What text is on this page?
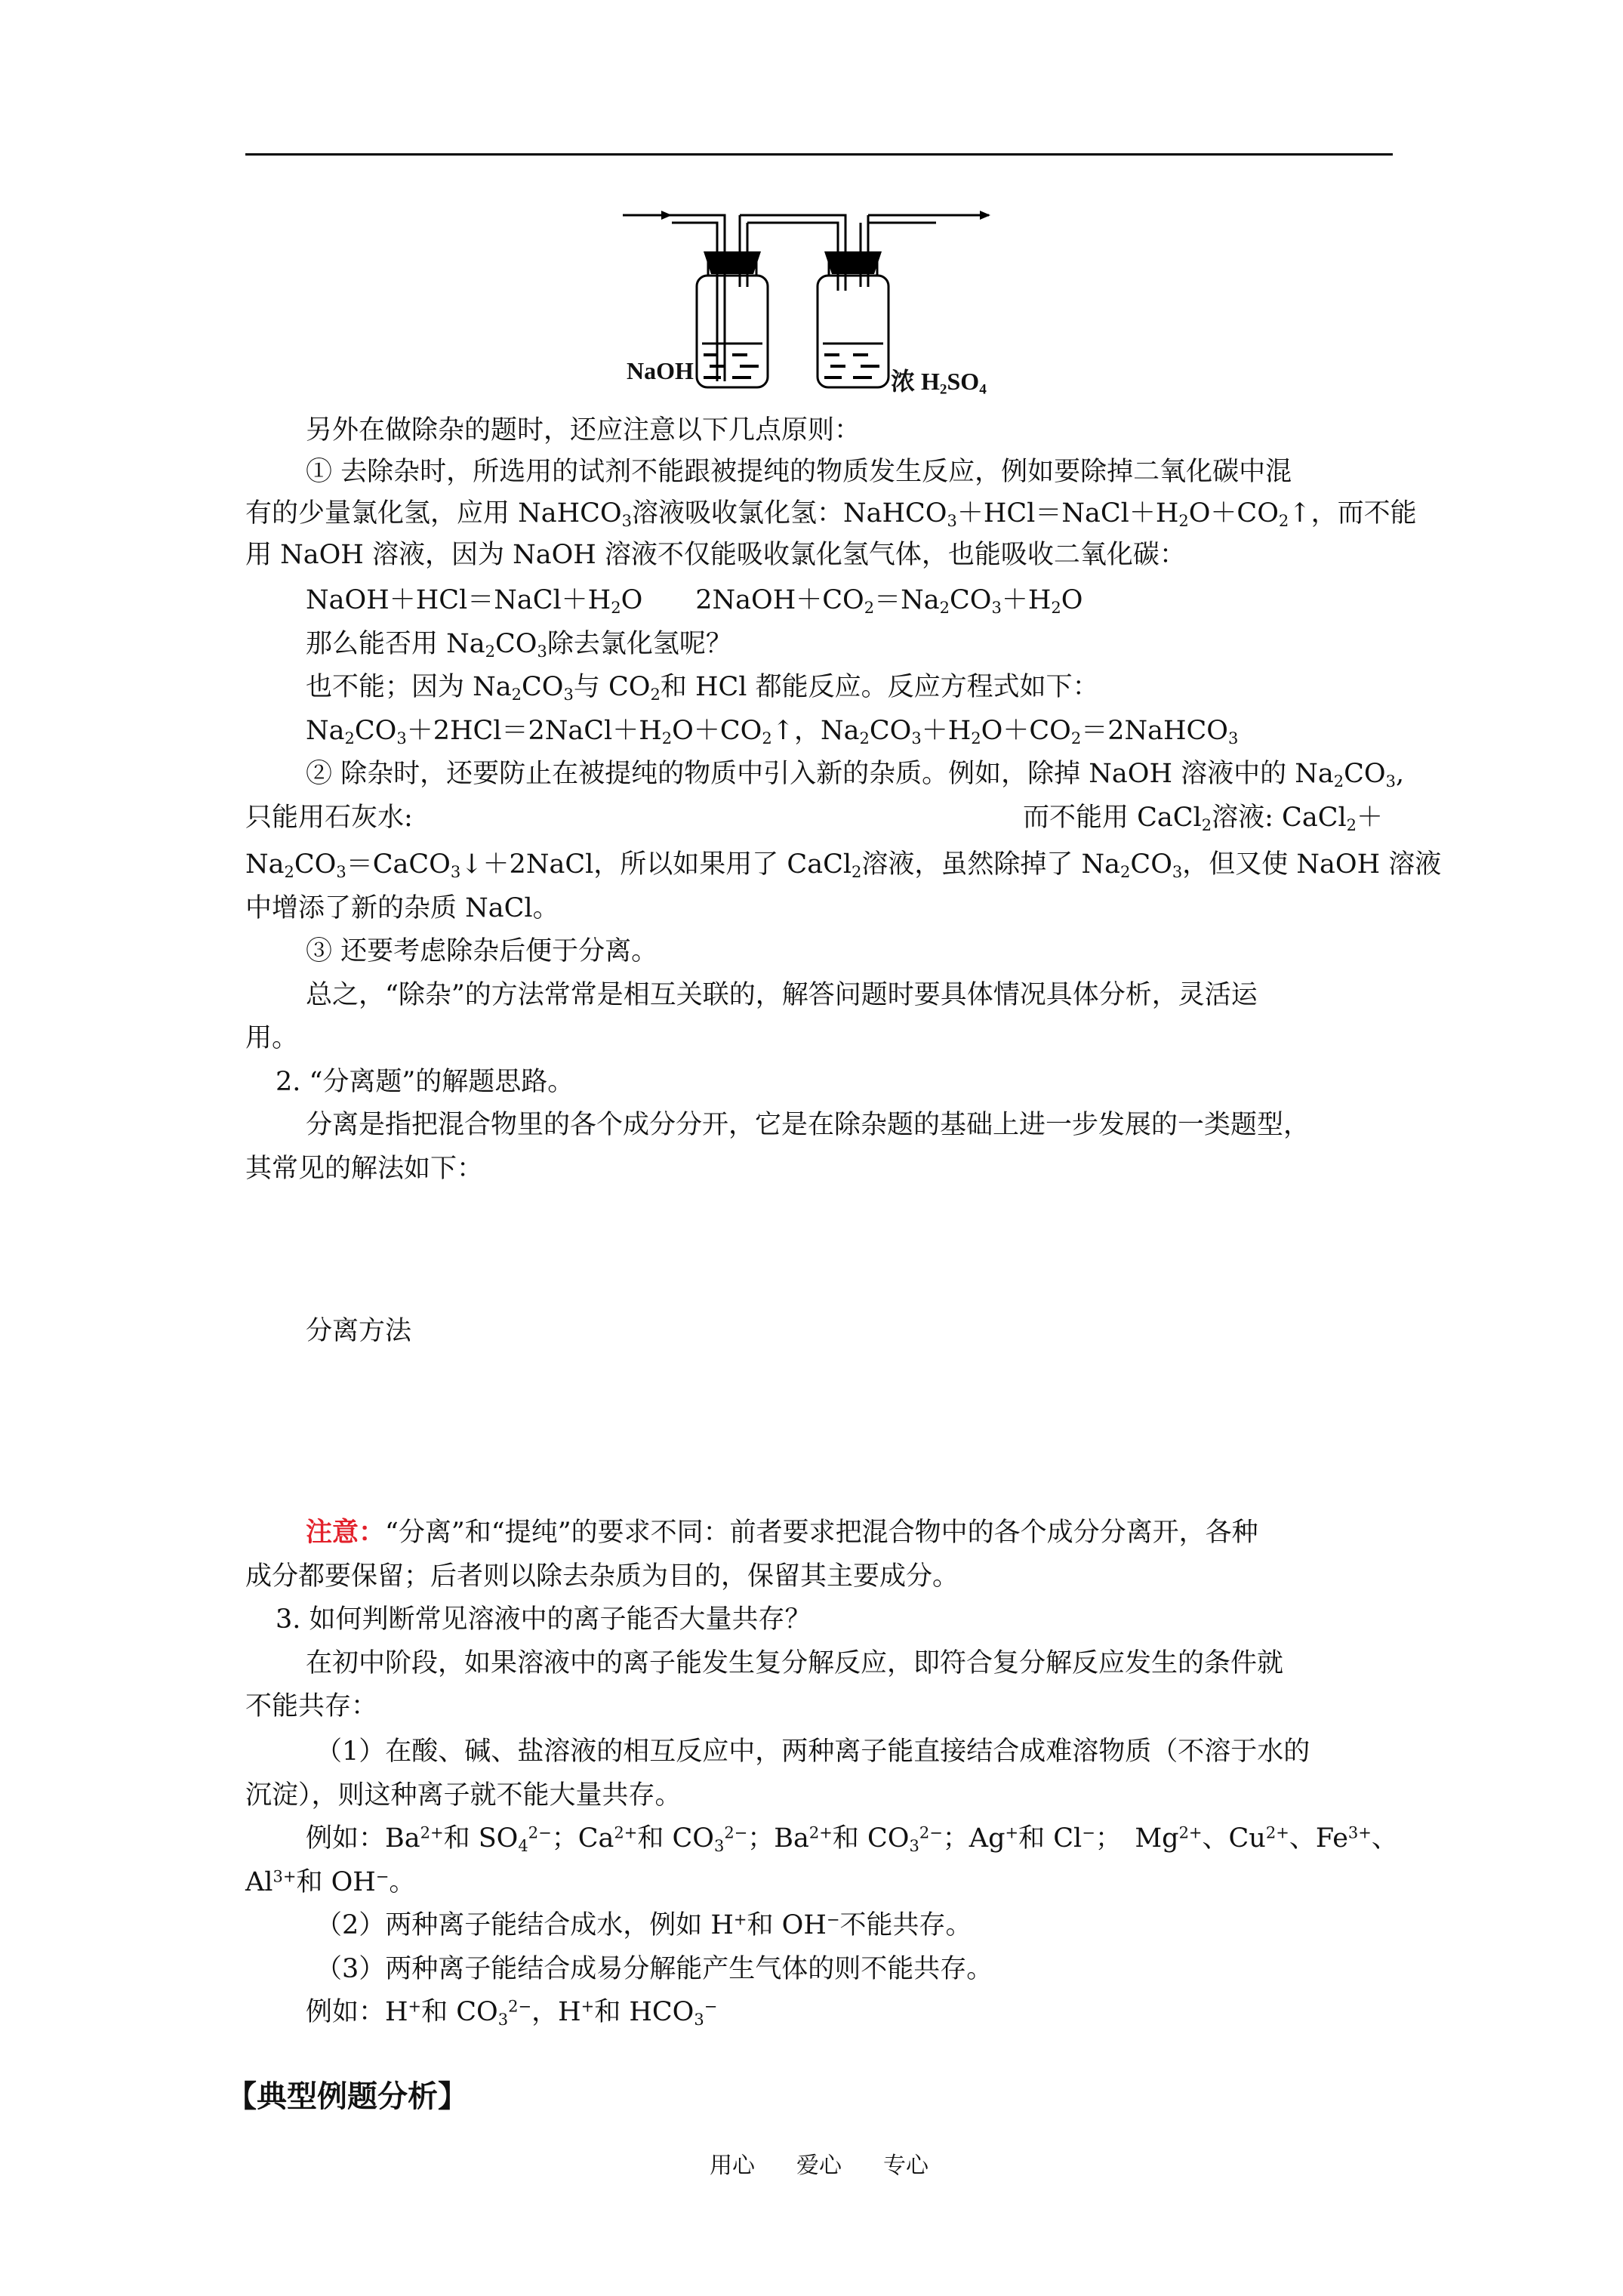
NaOH	浓 $H_2SO_4$
另外在做除杂的题时，还应注意以下几点原则：
① 去除杂时，所选用的试剂不能跟被提纯的物质发生反应，例如要除掉二氧化碳中混
有的少量氯化氢，应用 NaHCO$_3$溶液吸收氯化氢：$NaHCO_3+HCl=NaCl+H_2O+CO_2↑$，而不能
用 NaOH 溶液，因为 NaOH 溶液不仅能吸收氯化氢气体，也能吸收二氧化碳：
$NaOH+HCl=NaCl+H_2O$　　$2NaOH+CO_2=Na_2CO_3+H_2O$
那么能否用 $Na_2CO_3$除去氯化氢呢？
也不能；因为 $Na_2CO_3$与 $CO_2$和 HCl 都能反应。反应方程式如下：
$Na_2CO_3+2HCl=2NaCl+H_2O+CO_2↑$，$Na_2CO_3+H_2O+CO_2=2NaHCO_3$
② 除杂时，还要防止在被提纯的物质中引入新的杂质。例如，除掉 NaOH 溶液中的 $Na_2CO_3$,
只能用石灰水:	而不能用 CaCl$_2$溶液: CaCl$_2$＋
$Na_2CO_3=CaCO_3↓+2NaCl$，所以如果用了 CaCl$_2$溶液，虽然除掉了 $Na_2CO_3$，但又使 NaOH 溶液
中增添了新的杂质 NaCl。
③ 还要考虑除杂后便于分离。
总之，“除杂”的方法常常是相互关联的，解答问题时要具体情况具体分析，灵活运
用。
2. “分离题”的解题思路。
分离是指把混合物里的各个成分分开，它是在除杂题的基础上进一步发展的一类题型，
其常见的解法如下：
分离方法
注意：“分离”和“提纯”的要求不同：前者要求把混合物中的各个成分分离开，各种
成分都要保留；后者则以除去杂质为目的，保留其主要成分。
3. 如何判断常见溶液中的离子能否大量共存？
在初中阶段，如果溶液中的离子能发生复分解反应，即符合复分解反应发生的条件就
不能共存：
（1）在酸、碱、盐溶液的相互反应中，两种离子能直接结合成难溶物质（不溶于水的
沉淀），则这种离子就不能大量共存。
例如：$Ba^{2+}$和 $SO_4^{2-}$；$Ca^{2+}$和 $CO_3^{2-}$；$Ba^{2+}$和 $CO_3^{2-}$；Ag+和 Cl−；　$Mg^{2+}$、$Cu^{2+}$、$Fe^{3+}$、
$Al^{3+}$和 OH−。
（2）两种离子能结合成水，例如 H+和 OH−不能共存。
（3）两种离子能结合成易分解能产生气体的则不能共存。
例如：H+和 $CO_3^{2-}$，H+和 $HCO_3^-$
【典型例题分析】
用心 爱心 专心
